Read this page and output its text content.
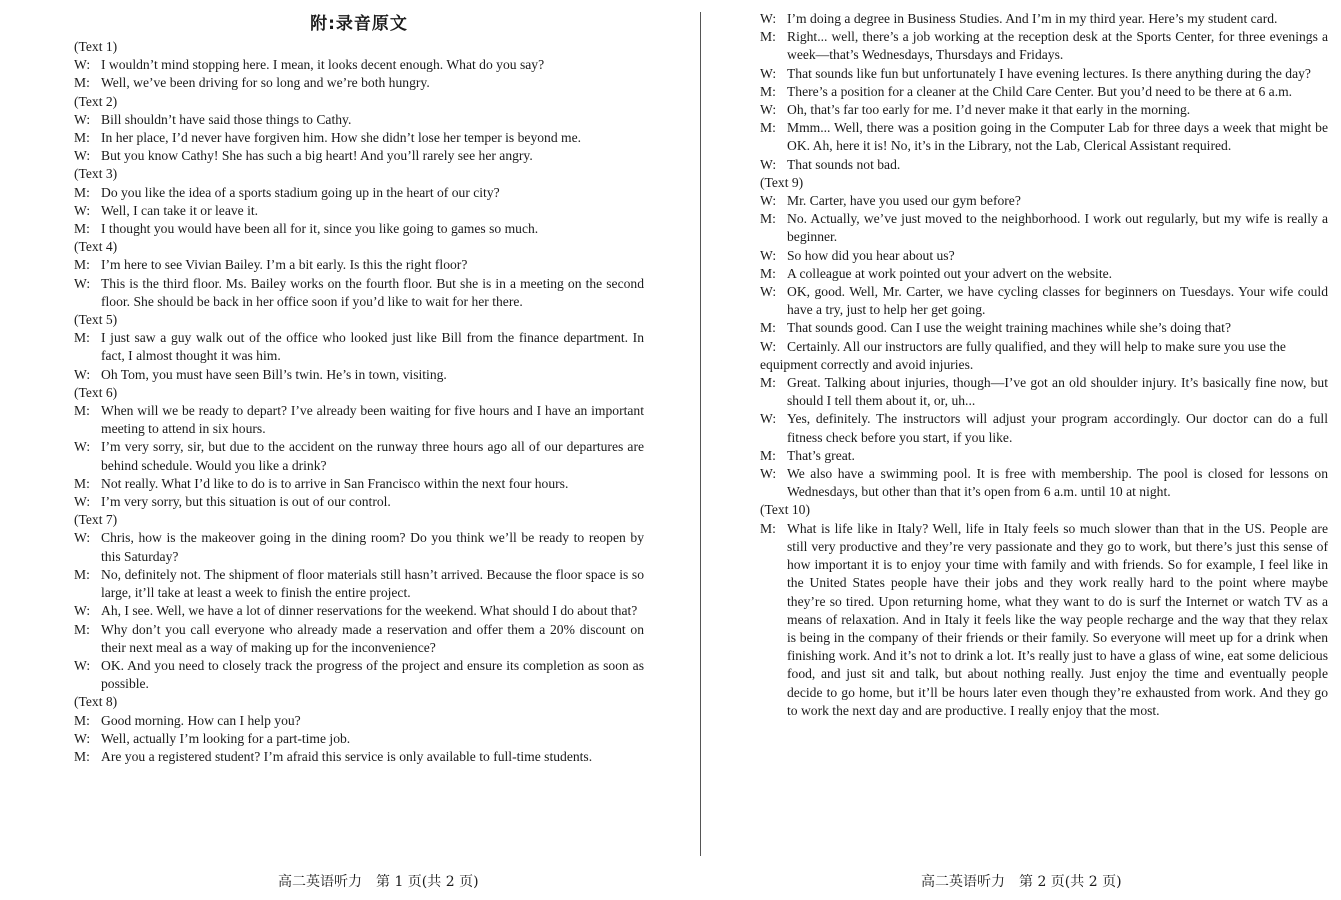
附:录音原文
(Text 1)
W: I wouldn’t mind stopping here. I mean, it looks decent enough. What do you say?
M: Well, we’ve been driving for so long and we’re both hungry.
(Text 2)
W: Bill shouldn’t have said those things to Cathy.
M: In her place, I’d never have forgiven him. How she didn’t lose her temper is beyond me.
W: But you know Cathy! She has such a big heart! And you’ll rarely see her angry.
(Text 3)
M: Do you like the idea of a sports stadium going up in the heart of our city?
W: Well, I can take it or leave it.
M: I thought you would have been all for it, since you like going to games so much.
(Text 4)
M: I’m here to see Vivian Bailey. I’m a bit early. Is this the right floor?
W: This is the third floor. Ms. Bailey works on the fourth floor. But she is in a meeting on the second floor. She should be back in her office soon if you’d like to wait for her there.
(Text 5)
M: I just saw a guy walk out of the office who looked just like Bill from the finance department. In fact, I almost thought it was him.
W: Oh Tom, you must have seen Bill’s twin. He’s in town, visiting.
(Text 6)
M: When will we be ready to depart? I’ve already been waiting for five hours and I have an important meeting to attend in six hours.
W: I’m very sorry, sir, but due to the accident on the runway three hours ago all of our departures are behind schedule. Would you like a drink?
M: Not really. What I’d like to do is to arrive in San Francisco within the next four hours.
W: I’m very sorry, but this situation is out of our control.
(Text 7)
W: Chris, how is the makeover going in the dining room? Do you think we’ll be ready to reopen by this Saturday?
M: No, definitely not. The shipment of floor materials still hasn’t arrived. Because the floor space is so large, it’ll take at least a week to finish the entire project.
W: Ah, I see. Well, we have a lot of dinner reservations for the weekend. What should I do about that?
M: Why don’t you call everyone who already made a reservation and offer them a 20% discount on their next meal as a way of making up for the inconvenience?
W: OK. And you need to closely track the progress of the project and ensure its completion as soon as possible.
(Text 8)
M: Good morning. How can I help you?
W: Well, actually I’m looking for a part-time job.
M: Are you a registered student? I’m afraid this service is only available to full-time students.
W: I’m doing a degree in Business Studies. And I’m in my third year. Here’s my student card.
M: Right... well, there’s a job working at the reception desk at the Sports Center, for three evenings a week—that’s Wednesdays, Thursdays and Fridays.
W: That sounds like fun but unfortunately I have evening lectures. Is there anything during the day?
M: There’s a position for a cleaner at the Child Care Center. But you’d need to be there at 6 a.m.
W: Oh, that’s far too early for me. I’d never make it that early in the morning.
M: Mmm... Well, there was a position going in the Computer Lab for three days a week that might be OK. Ah, here it is! No, it’s in the Library, not the Lab, Clerical Assistant required.
W: That sounds not bad.
(Text 9)
W: Mr. Carter, have you used our gym before?
M: No. Actually, we’ve just moved to the neighborhood. I work out regularly, but my wife is really a beginner.
W: So how did you hear about us?
M: A colleague at work pointed out your advert on the website.
W: OK, good. Well, Mr. Carter, we have cycling classes for beginners on Tuesdays. Your wife could have a try, just to help her get going.
M: That sounds good. Can I use the weight training machines while she’s doing that?
W: Certainly. All our instructors are fully qualified, and they will help to make sure you use the
equipment correctly and avoid injuries.
M: Great. Talking about injuries, though—I’ve got an old shoulder injury. It’s basically fine now, but should I tell them about it, or, uh...
W: Yes, definitely. The instructors will adjust your program accordingly. Our doctor can do a full fitness check before you start, if you like.
M: That’s great.
W: We also have a swimming pool. It is free with membership. The pool is closed for lessons on Wednesdays, but other than that it’s open from 6 a.m. until 10 at night.
(Text 10)
M: What is life like in Italy? Well, life in Italy feels so much slower than that in the US. People are still very productive and they’re very passionate and they go to work, but there’s just this sense of how important it is to enjoy your time with family and with friends. So for example, I feel like in the United States people have their jobs and they work really hard to the point where maybe they’re so tired. Upon returning home, what they want to do is surf the Internet or watch TV as a means of relaxation. And in Italy it feels like the way people recharge and the way that they relax is being in the company of their friends or their family. So everyone will meet up for a drink when finishing work. And it’s not to drink a lot. It’s really just to have a glass of wine, eat some delicious food, and just sit and talk, but about nothing really. Just enjoy the time and eventually people decide to go home, but it’ll be hours later even though they’re exhausted from work. And they go to work the next day and are productive. I really enjoy that the most.
高二英语听力　第 1 页(共 2 页)	高二英语听力　第 2 页(共 2 页)
